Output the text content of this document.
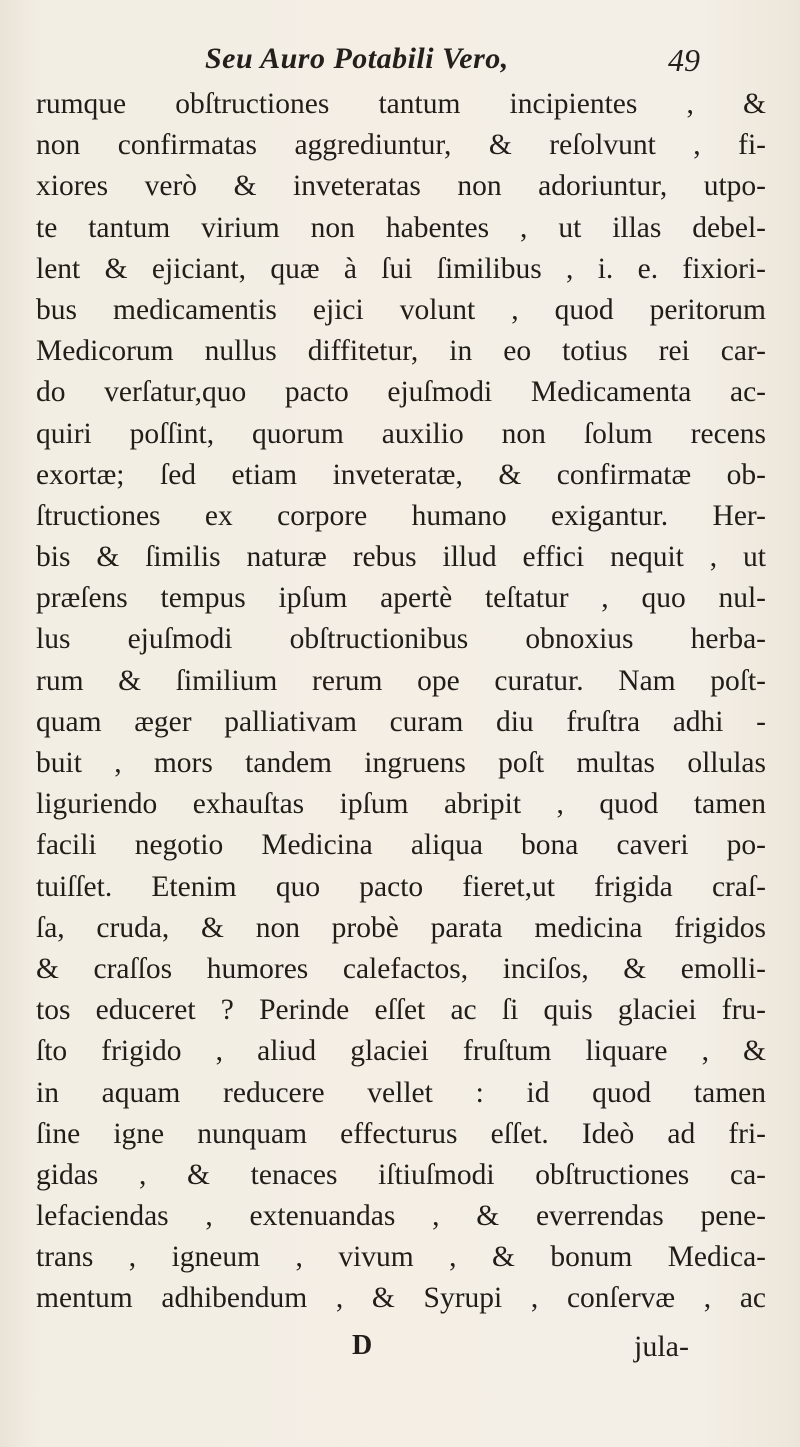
Seu Auro Potabili Vero,	49
rumque obſtructiones tantum incipientes , &
non confirmatas aggrediuntur, & reſolvunt , fi-
xiores verò & inveteratas non adoriuntur, utpo-
te tantum virium non habentes , ut illas debel-
lent & ejiciant, quæ à ſui ſimilibus , i. e. fixiori-
bus medicamentis ejici volunt , quod peritorum
Medicorum nullus diffitetur, in eo totius rei car-
do verſatur,quo pacto ejuſmodi Medicamenta ac-
quiri poſſint, quorum auxilio non ſolum recens
exortæ; ſed etiam inveteratæ, & confirmatæ ob-
ſtructiones ex corpore humano exigantur. Her-
bis & ſimilis naturæ rebus illud effici nequit , ut
præſens tempus ipſum apertè teſtatur , quo nul-
lus ejuſmodi obſtructionibus obnoxius herba-
rum & ſimilium rerum ope curatur. Nam poſt-
quam æger palliativam curam diu fruſtra adhi -
buit , mors tandem ingruens poſt multas ollulas
liguriendo exhauſtas ipſum abripit , quod tamen
facili negotio Medicina aliqua bona caveri po-
tuiſſet. Etenim quo pacto fieret,ut frigida craſ-
ſa, cruda, & non probè parata medicina frigidos
& craſſos humores calefactos, inciſos, & emolli-
tos educeret ? Perinde eſſet ac ſi quis glaciei fru-
ſto frigido , aliud glaciei fruſtum liquare , &
in aquam reducere vellet : id quod tamen
ſine igne nunquam effecturus eſſet. Ideò ad fri-
gidas , & tenaces iſtiuſmodi obſtructiones ca-
lefaciendas , extenuandas , & everrendas pene-
trans , igneum , vivum , & bonum Medica-
mentum adhibendum , & Syrupi , conſervæ , ac
D	jula-
